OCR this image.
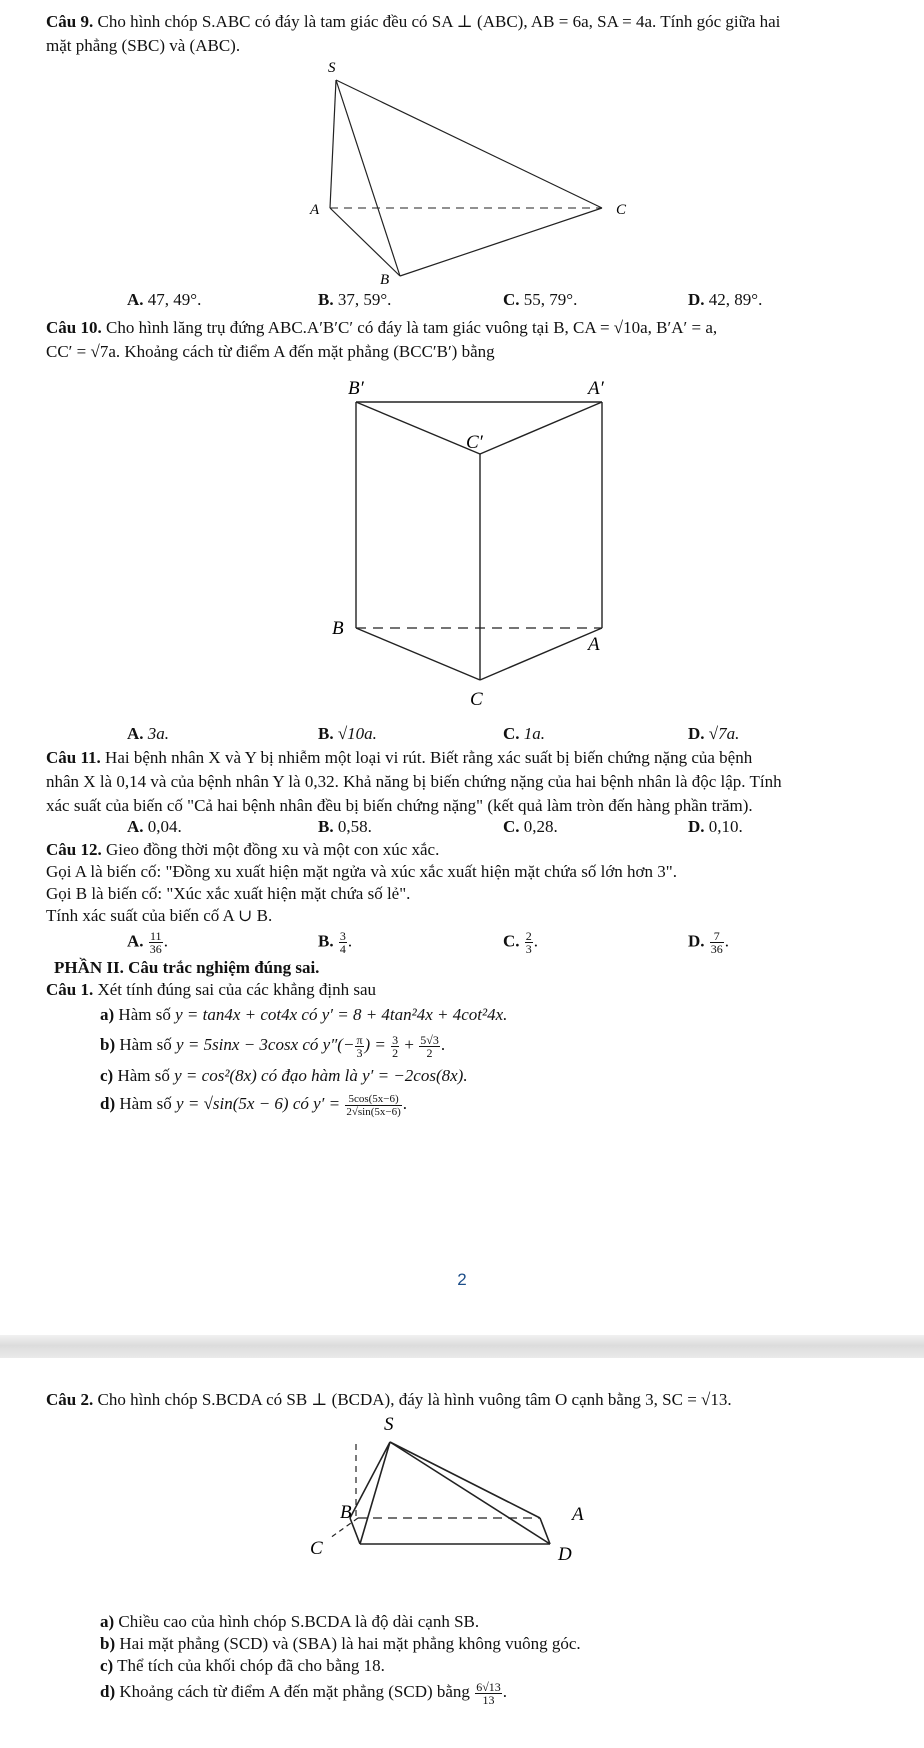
Câu 9. Cho hình chóp S.ABC có đáy là tam giác đều có SA ⊥ (ABC), AB = 6a, SA = 4a. Tính góc giữa hai
mặt phẳng (SBC) và (ABC).
S
A
B
C
A. 47, 49°.	B. 37, 59°.	C. 55, 79°.	D. 42, 89°.
Câu 10. Cho hình lăng trụ đứng ABC.A′B′C′ có đáy là tam giác vuông tại B, CA = √10a, B′A′ = a,
CC′ = √7a. Khoảng cách từ điểm A đến mặt phẳng (BCC′B′) bằng
B′	A′
C′
B
A
C
A. 3a.	B. √10a.	C. 1a.	D. √7a.
Câu 11. Hai bệnh nhân X và Y bị nhiễm một loại vi rút. Biết rằng xác suất bị biến chứng nặng của bệnh
nhân X là 0,14 và của bệnh nhân Y là 0,32. Khả năng bị biến chứng nặng của hai bệnh nhân là độc lập. Tính
xác suất của biến cố "Cả hai bệnh nhân đều bị biến chứng nặng" (kết quả làm tròn đến hàng phần trăm).
A. 0,04.	B. 0,58.	C. 0,28.	D. 0,10.
Câu 12. Gieo đồng thời một đồng xu và một con xúc xắc.
Gọi A là biến cố: "Đồng xu xuất hiện mặt ngửa và xúc xắc xuất hiện mặt chứa số lớn hơn 3".
Gọi B là biến cố: "Xúc xắc xuất hiện mặt chứa số lẻ".
Tính xác suất của biến cố A ∪ B.
A. $\frac{11}{36}$ .	B. $\frac{3}{4}$ .	C. $\frac{2}{3}$ .	D. $\frac{7}{36}$ .
PHẦN II. Câu trắc nghiệm đúng sai.
Câu 1. Xét tính đúng sai của các khẳng định sau
a) Hàm số y = tan4x + cot4x có y′ = 8 + 4tan²4x + 4cot²4x.
b) Hàm số y = 5sinx − 3cosx có $y''(- \frac{\pi}{3}$ ) = $\frac{3}{2} + \frac{5√3}{2}$ .
c) Hàm số y = cos²(8x) có đạo hàm là y′ = −2cos(8x).
d) Hàm số y = √sin(5x − 6) có $y' = \frac{5\cos(5x-6)}{2√\sin(5x-6)}$ .
2
Câu 2. Cho hình chóp S.BCDA có SB ⊥ (BCDA), đáy là hình vuông tâm O cạnh bằng 3, SC = √13.
S
B	A
C	D
a) Chiều cao của hình chóp S.BCDA là độ dài cạnh SB.
b) Hai mặt phẳng (SCD) và (SBA) là hai mặt phẳng không vuông góc.
c) Thể tích của khối chóp đã cho bằng 18.
d) Khoảng cách từ điểm A đến mặt phẳng (SCD) bằng $\frac{6√13}{13}$ .
